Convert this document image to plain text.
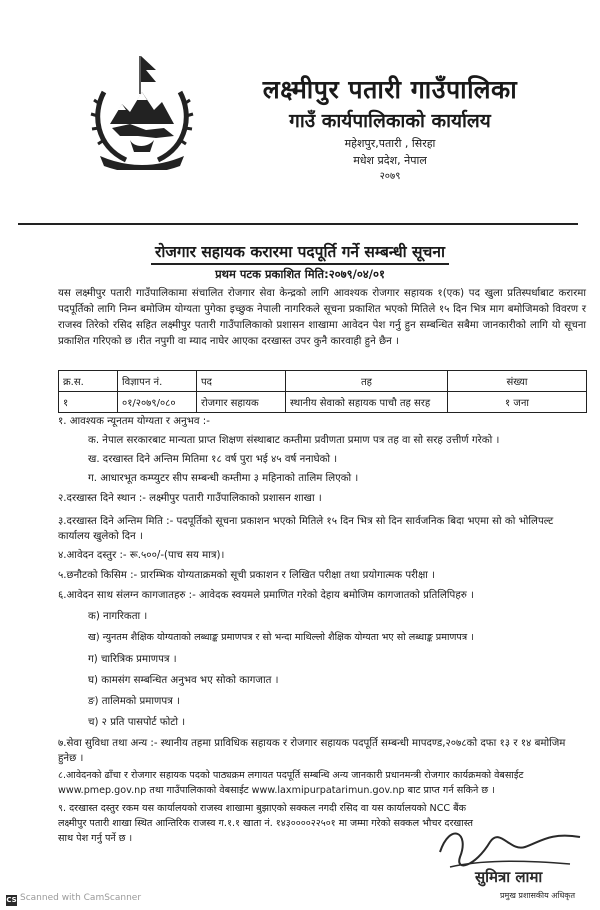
लक्ष्मीपुर पतारी गाउँपालिका
गाउँ कार्यपालिकाको कार्यालय
महेशपुर,पतारी , सिरहा
मधेश प्रदेश, नेपाल
२०७९
रोजगार सहायक करारमा पदपूर्ति गर्ने सम्बन्धी सूचना
प्रथम पटक प्रकाशित मिति:२०७९/०४/०१
यस लक्ष्मीपुर पतारी गाउँपालिकामा संचालित रोजगार सेवा केन्द्रको लागि आवश्यक रोजगार सहायक १(एक) पद खुला प्रतिस्पर्धाबाट करारमा पदपूर्तिको लागि निम्न बमोजिम योग्यता पुगेका इच्छुक नेपाली नागरिकले सूचना प्रकाशित भएको मितिले १५ दिन भित्र माग बमोजिमको विवरण र राजस्व तिरेको रसिद सहित लक्ष्मीपुर पतारी गाउँपालिकाको प्रशासन शाखामा आवेदन पेश गर्नु हुन सम्बन्धित सबैमा जानकारीको लागि यो सूचना प्रकाशित गरिएको छ ।रीत नपुगी वा म्याद नाघेर आएका दरखास्त उपर कुनै कारवाही हुने छैन ।
क्र.स.	विज्ञापन नं.	पद	तह	संख्या
१	०१/२०७९/०८०	रोजगार सहायक	स्थानीय सेवाको सहायक पाचौ तह सरह	१ जना
१. आवश्यक न्यूनतम योग्यता र अनुभव :-
क. नेपाल सरकारबाट मान्यता प्राप्त शिक्षण संस्थाबाट कम्तीमा प्रवीणता प्रमाण पत्र तह वा सो सरह उत्तीर्ण गरेको ।
ख. दरखास्त दिने अन्तिम मितिमा १८ वर्ष पुरा भई ४५ वर्ष ननाघेको ।
ग. आधारभूत कम्प्युटर सीप सम्बन्धी कम्तीमा ३ महिनाको तालिम लिएको ।
२.दरखास्त दिने स्थान :- लक्ष्मीपुर पतारी गाउँपालिकाको प्रशासन शाखा ।
३.दरखास्त दिने अन्तिम मिति :- पदपूर्तिको सूचना प्रकाशन भएको मितिले १५ दिन भित्र सो दिन सार्वजनिक बिदा भएमा सो को भोलिपल्ट कार्यालय खुलेको दिन ।
४.आवेदन दस्तुर :- रू.५००/-(पाच सय मात्र)।
५.छनौटको किसिम :- प्रारम्भिक योग्यताक्रमको सूची प्रकाशन र लिखित परीक्षा तथा प्रयोगात्मक परीक्षा ।
६.आवेदन साथ संलग्न कागजातहरु :- आवेदक स्वयमले प्रमाणित गरेको देहाय बमोजिम कागजातको प्रतिलिपिहरु ।
क) नागरिकता ।
ख) न्युनतम शैक्षिक योग्यताको लब्धाङ्क प्रमाणपत्र र सो भन्दा माथिल्लो शैक्षिक योग्यता भए सो लब्धाङ्क प्रमाणपत्र ।
ग) चारित्रिक प्रमाणपत्र ।
घ) कामसंग सम्बन्धित अनुभव भए सोको कागजात ।
ङ) तालिमको प्रमाणपत्र ।
च) २ प्रति पासपोर्ट फोटो ।
७.सेवा सुविधा तथा अन्य :- स्थानीय तहमा प्राविधिक सहायक र रोजगार सहायक पदपूर्ति सम्बन्धी मापदण्ड,२०७८को दफा १३ र १४ बमोजिम हुनेछ ।
८.आवेदनको ढाँचा र रोजगार सहायक पदको पाठ्यक्रम लगायत पदपूर्ति सम्बन्धि अन्य जानकारी प्रधानमन्त्री रोजगार कार्यक्रमको वेबसाईट www.pmep.gov.np तथा गाउँपालिकाको वेबसाईट www.laxmipurpatarimun.gov.np बाट प्राप्त गर्न सकिने छ ।
९. दरखास्त दस्तुर रकम यस कार्यालयको राजस्व शाखामा बुझाएको सक्कल नगदी रसिद वा यस कार्यालयको NCC बैंक लक्ष्मीपुर पतारी शाखा स्थित आन्तिरिक राजस्व ग.१.१ खाता नं. १४३००००२२५०१ मा जम्मा गरेको सक्कल भौचर दरखास्त साथ पेश गर्नु पर्ने छ ।
सुमित्रा लामा
प्रमुख प्रशासकीय अधिकृत
CS Scanned with CamScanner
